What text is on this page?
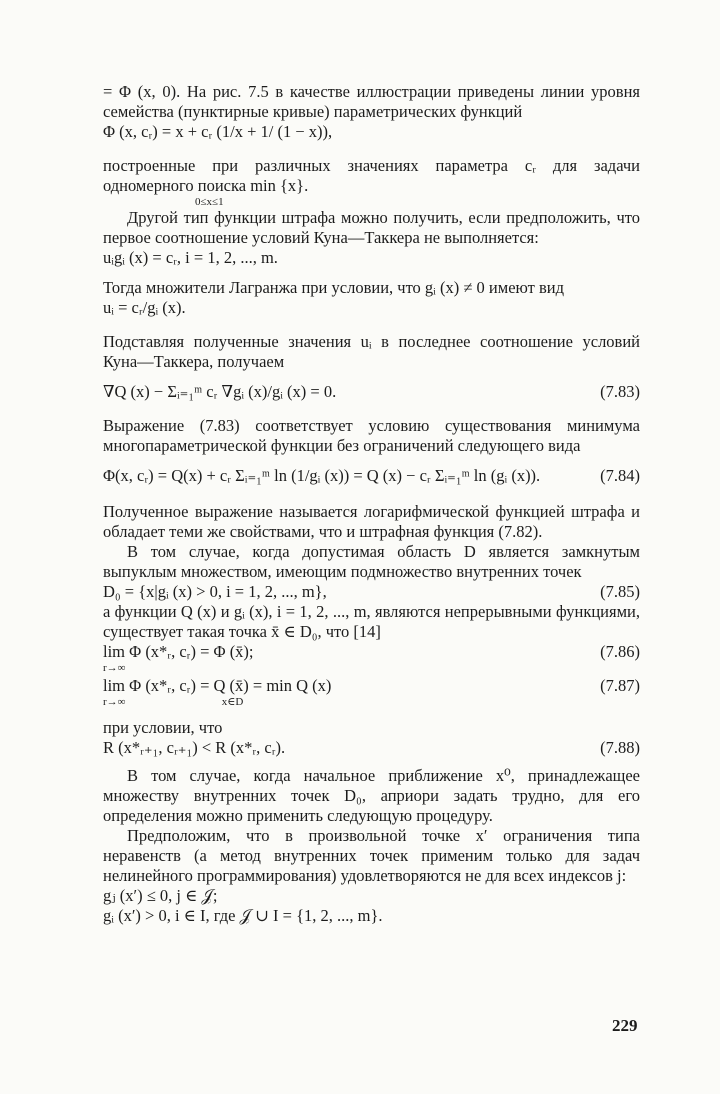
= Φ (x, 0). На рис. 7.5 в качестве иллюстрации приведены линии уровня семейства (пунктирные кривые) параметрических функций

Φ (x, cᵣ) = x + cᵣ (1/x + 1/ (1 − x)),

построенные при различных значениях параметра cᵣ для задачи одномерного поиска min {x}.

0≤x≤1

Другой тип функции штрафа можно получить, если предположить, что первое соотношение условий Куна—Таккера не выполняется:

uᵢgᵢ (x) = cᵣ, i = 1, 2, ..., m.

Тогда множители Лагранжа при условии, что gᵢ (x) ≠ 0 имеют вид

uᵢ = cᵣ/gᵢ (x).

Подставляя полученные значения uᵢ в последнее соотношение условий Куна—Таккера, получаем

∇Q (x) − Σᵢ₌₁ᵐ cᵣ ∇gᵢ (x)/gᵢ (x) = 0.	(7.83)

Выражение (7.83) соответствует условию существования минимума многопараметрической функции без ограничений следующего вида

Φ(x, cᵣ) = Q(x) + cᵣ Σᵢ₌₁ᵐ ln (1/gᵢ (x)) = Q (x) − cᵣ Σᵢ₌₁ᵐ ln (gᵢ (x)).	(7.84)

Полученное выражение называется логарифмической функцией штрафа и обладает теми же свойствами, что и штрафная функция (7.82).

В том случае, когда допустимая область D является замкнутым выпуклым множеством, имеющим подмножество внутренних точек

D₀ = {x|gᵢ (x) > 0, i = 1, 2, ..., m},	(7.85)

а функции Q (x) и gᵢ (x), i = 1, 2, ..., m, являются непрерывными функциями, существует такая точка x̄ ∈ D₀, что [14]

lim Φ (x*ᵣ, cᵣ) = Φ (x̄);	(7.86)
r→∞
lim Φ (x*ᵣ, cᵣ) = Q (x̄) = min Q (x)	(7.87)
r→∞                                   x∈D

при условии, что

R (x*ᵣ₊₁, cᵣ₊₁) < R (x*ᵣ, cᵣ).	(7.88)

В том случае, когда начальное приближение x⁰, принадлежащее множеству внутренних точек D₀, априори задать трудно, для его определения можно применить следующую процедуру.

Предположим, что в произвольной точке x′ ограничения типа неравенств (а метод внутренних точек применим только для задач нелинейного программирования) удовлетворяются не для всех индексов j:

gⱼ (x′) ≤ 0, j ∈ 𝒥;
gᵢ (x′) > 0, i ∈ I, где 𝒥 ∪ I = {1, 2, ..., m}.
229
